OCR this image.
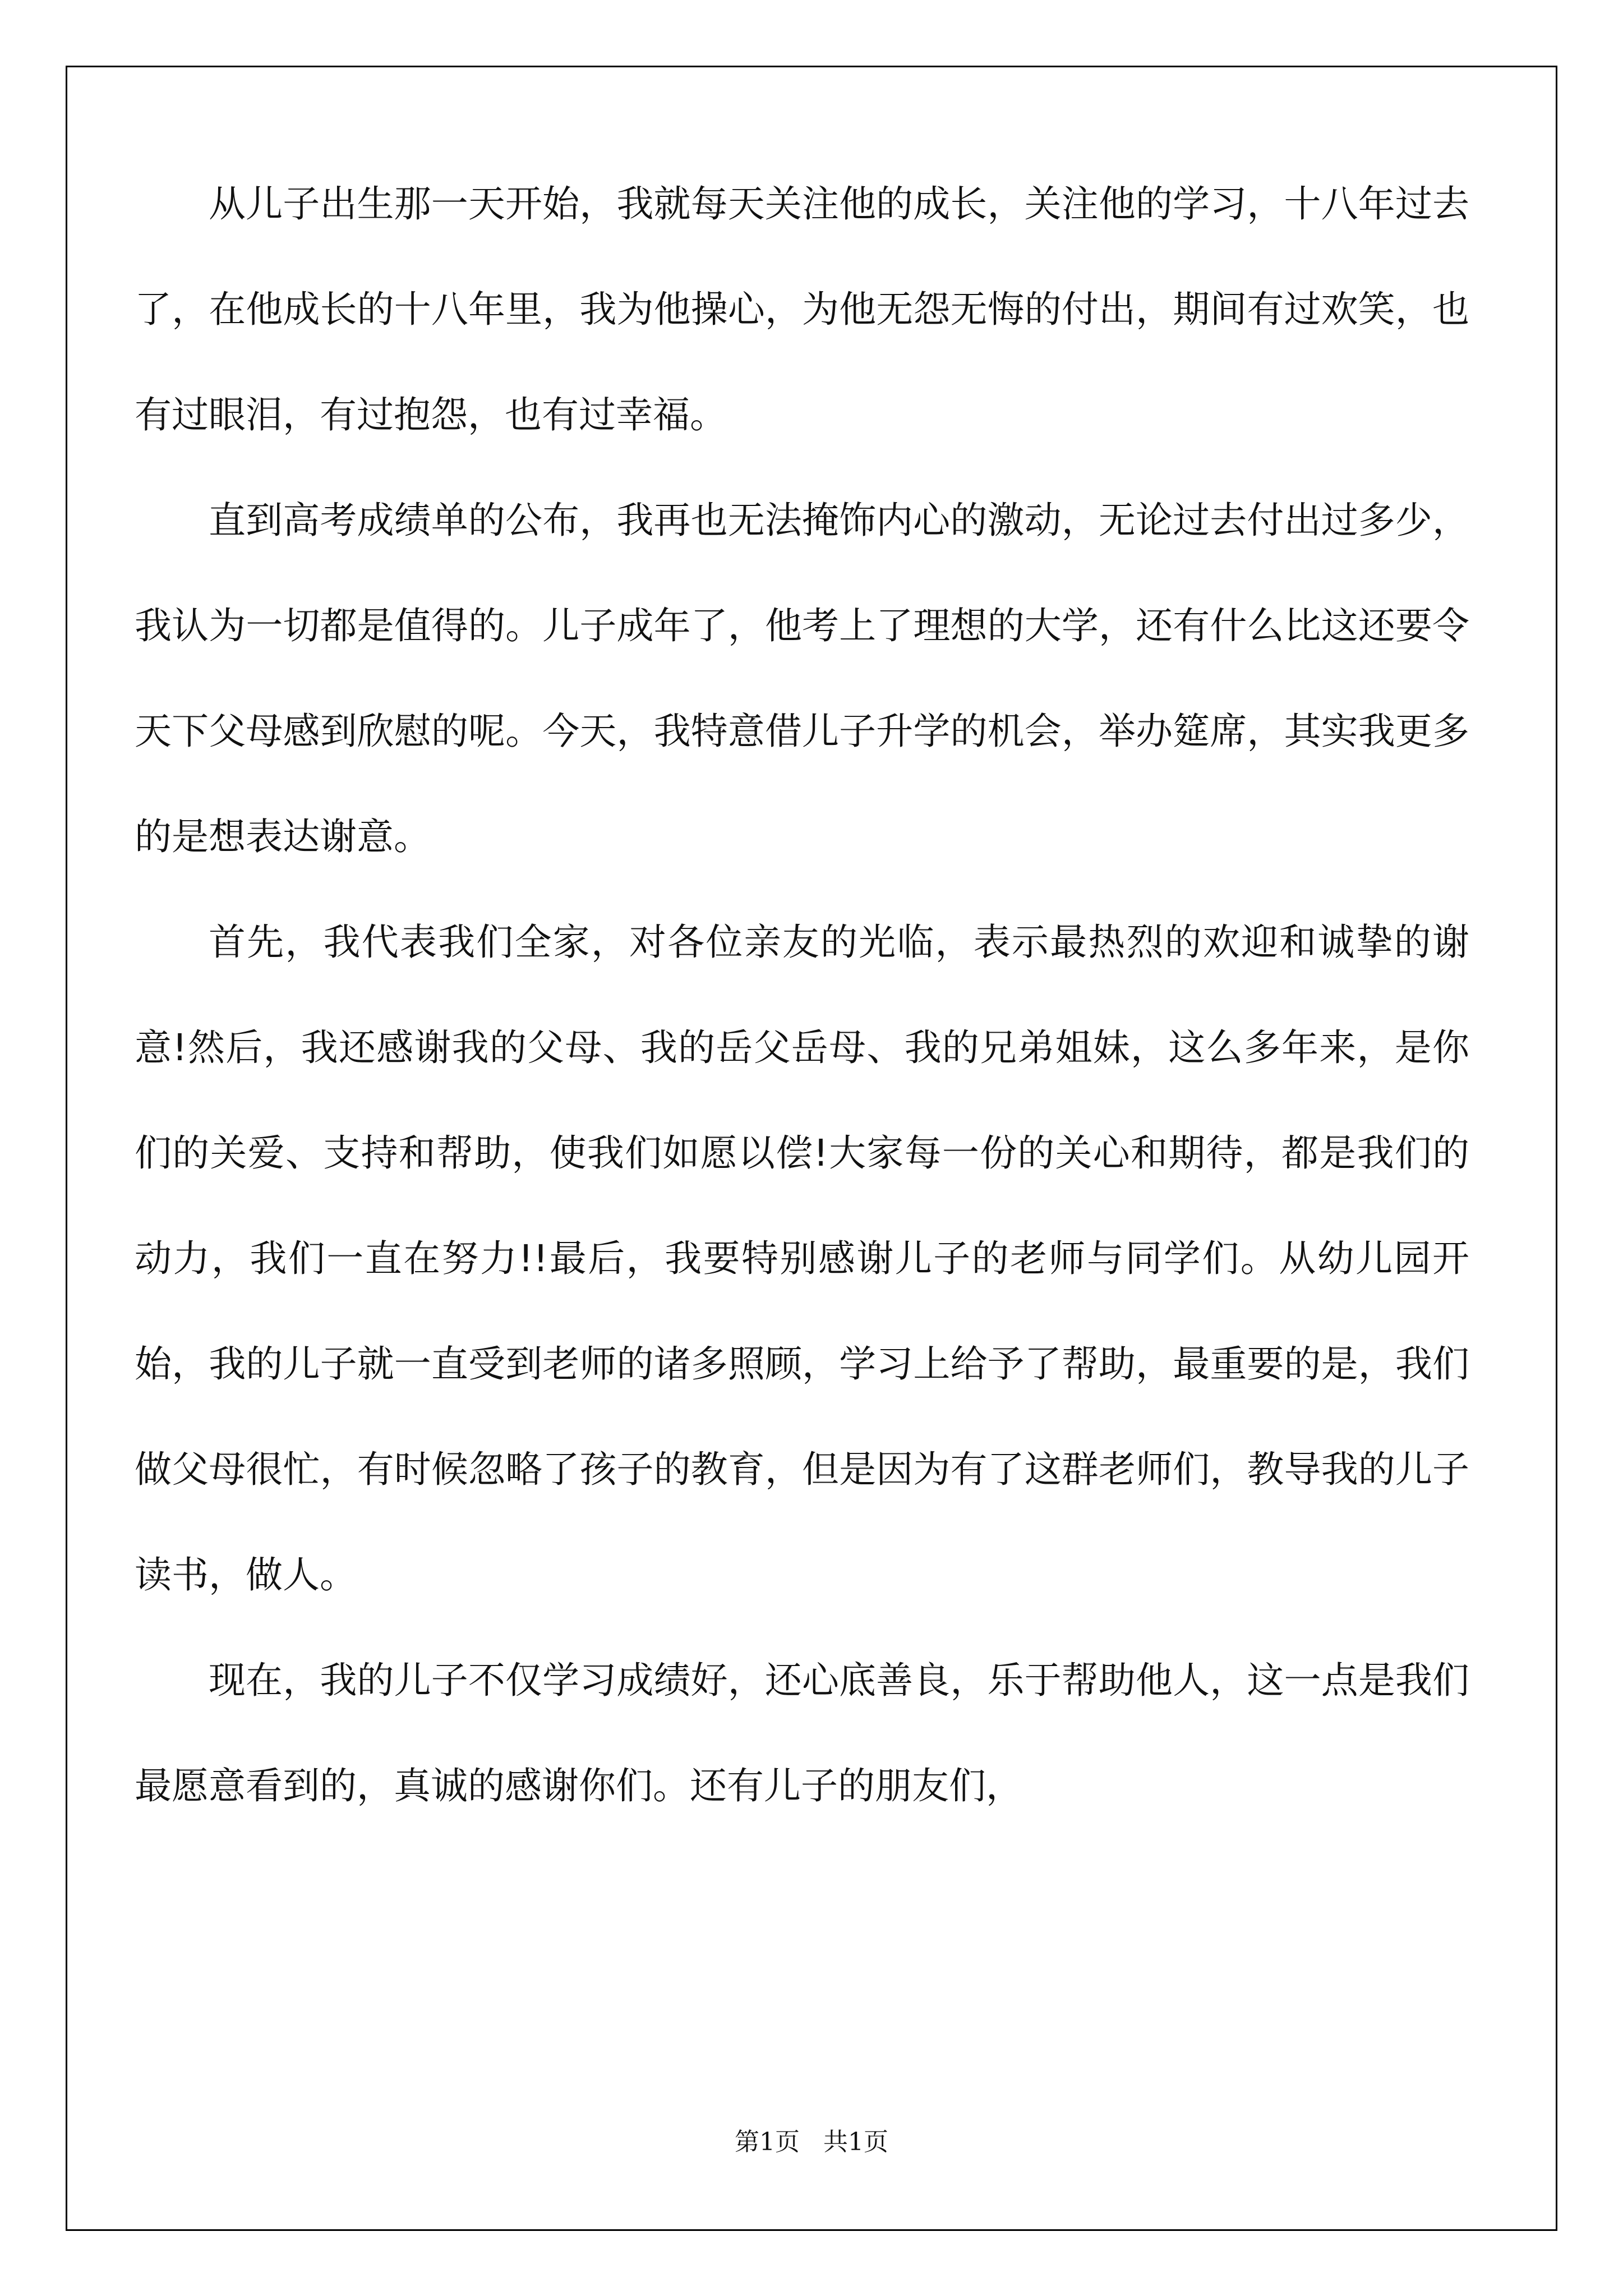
从儿子出生那一天开始，我就每天关注他的成长，关注他的学习，十八年过去了，在他成长的十八年里，我为他操心，为他无怨无悔的付出，期间有过欢笑，也有过眼泪，有过抱怨，也有过幸福。

直到高考成绩单的公布，我再也无法掩饰内心的激动，无论过去付出过多少，我认为一切都是值得的。儿子成年了，他考上了理想的大学，还有什么比这还要令天下父母感到欣慰的呢。今天，我特意借儿子升学的机会，举办筵席，其实我更多的是想表达谢意。

首先，我代表我们全家，对各位亲友的光临，表示最热烈的欢迎和诚挚的谢意!然后，我还感谢我的父母、我的岳父岳母、我的兄弟姐妹，这么多年来，是你们的关爱、支持和帮助，使我们如愿以偿!大家每一份的关心和期待，都是我们的动力，我们一直在努力!!最后，我要特别感谢儿子的老师与同学们。从幼儿园开始，我的儿子就一直受到老师的诸多照顾，学习上给予了帮助，最重要的是，我们做父母很忙，有时候忽略了孩子的教育，但是因为有了这群老师们，教导我的儿子读书，做人。

现在，我的儿子不仅学习成绩好，还心底善良，乐于帮助他人，这一点是我们最愿意看到的，真诚的感谢你们。还有儿子的朋友们，

第1页   共1页
